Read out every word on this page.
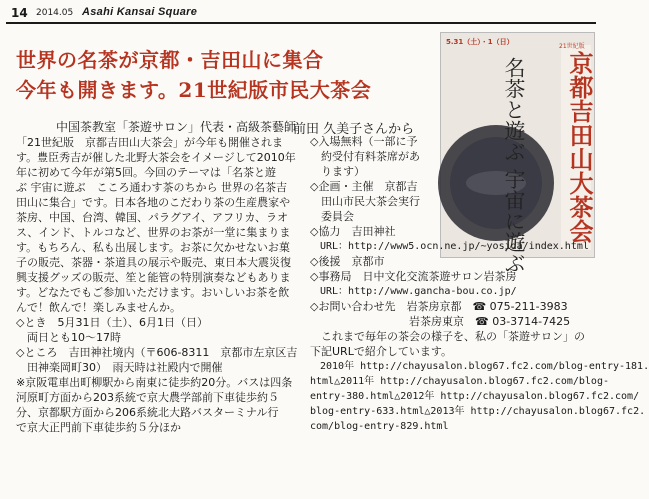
14 2014.05 Asahi Kansai Square
世界の名茶が京都・吉田山に集合
今年も開きます。21世紀版市民大茶会
中国茶教室「茶遊サロン」代表・高級茶藝師
前田 久美子さんから
5.31（土）・1（日）
21世紀版
京都吉田山大茶会
名茶と遊ぶ 宇宙に遊ぶ
「21世紀版　京都吉田山大茶会」が今年も開催されま
す。豊臣秀吉が催した北野大茶会をイメージして2010年
年に初めて今年が第5回。今回のテーマは「名茶と遊
ぶ 宇宙に遊ぶ　こころ通わす茶のちから 世界の名茶吉
田山に集合」です。日本各地のこだわり茶の生産農家や
茶房、中国、台湾、韓国、パラグアイ、アフリカ、ラオ
ス、インド、トルコなど、世界のお茶が一堂に集まりま
す。もちろん、私も出展します。お茶に欠かせないお菓
子の販売、茶器・茶道具の展示や販売、東日本大震災復
興支援グッズの販売、笙と能管の特別演奏などもありま
す。どなたでもご参加いただけます。おいしいお茶を飲
んで！飲んで！楽しみませんか。
◇とき　5月31日（土）、6月1日（日）
　両日とも10～17時
◇ところ　吉田神社境内（〒606-8311　京都市左京区吉
　田神楽岡町30）　雨天時は社殿内で開催
※京阪電車出町柳駅から南東に徒歩約20分。バスは四条
河原町方面から203系統で京大農学部前下車徒歩約５
分、京都駅方面から206系統北大路バスターミナル行
で京大正門前下車徒歩約５分ほか
◇入場無料（一部に予
　約受付有料茶席があ
　ります）
◇企画・主催　京都吉
　田山市民大茶会実行
　委員会
◇協力　吉田神社
　URL：http://www5.ocn.ne.jp/~yosida/index.html
◇後援　京都市
◇事務局　日中文化交流茶遊サロン岩茶房
　URL：http://www.gancha-bou.co.jp/
◇お問い合わせ先　岩茶房京都　☎ 075-211-3983
　　　　　　　　　岩茶房東京　☎ 03-3714-7425
　これまで毎年の茶会の様子を、私の「茶遊サロン」の
下記URLで紹介しています。
　2010年 http://chayusalon.blog67.fc2.com/blog-entry-181.
html△2011年 http://chayusalon.blog67.fc2.com/blog-
entry-380.html△2012年 http://chayusalon.blog67.fc2.com/
blog-entry-633.html△2013年 http://chayusalon.blog67.fc2.
com/blog-entry-829.html
